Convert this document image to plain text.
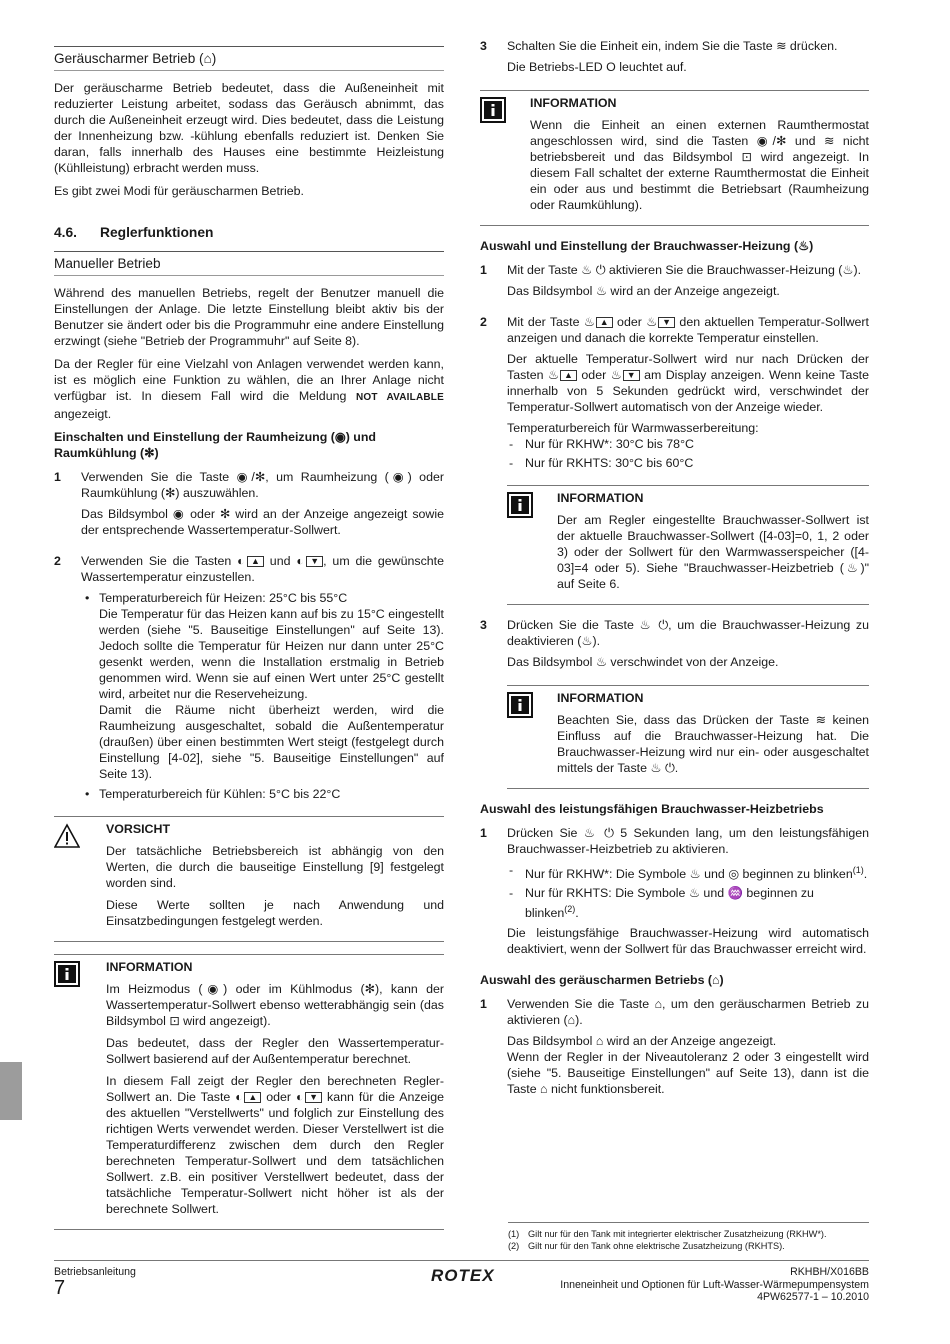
Geräuscharmer Betrieb (⌂)

Der geräuscharme Betrieb bedeutet, dass die Außeneinheit mit reduzierter Leistung arbeitet, sodass das Geräusch abnimmt, das durch die Außeneinheit erzeugt wird. Dies bedeutet, dass die Leistung der Innenheizung bzw. -kühlung ebenfalls reduziert ist. Denken Sie daran, falls innerhalb des Hauses eine bestimmte Heizleistung (Kühlleistung) erbracht werden muss.

Es gibt zwei Modi für geräuscharmen Betrieb.

4.6. Reglerfunktionen
Manueller Betrieb

Während des manuellen Betriebs, regelt der Benutzer manuell die Einstellungen der Anlage. Die letzte Einstellung bleibt aktiv bis der Benutzer sie ändert oder bis die Programmuhr eine andere Einstellung erzwingt (siehe "Betrieb der Programmuhr" auf Seite 8).

Da der Regler für eine Vielzahl von Anlagen verwendet werden kann, ist es möglich eine Funktion zu wählen, die an Ihrer Anlage nicht verfügbar ist. In diesem Fall wird die Meldung NOT AVAILABLE angezeigt.

Einschalten und Einstellung der Raumheizung (◉) und Raumkühlung (✻)
1	Verwenden Sie die Taste ◉/✻, um Raumheizung (◉) oder Raumkühlung (✻) auszuwählen.

Das Bildsymbol ◉ oder ✻ wird an der Anzeige angezeigt sowie der entsprechende Wassertemperatur-Sollwert.

2	Verwenden Sie die Tasten ◐ ▲ und ◐ ▼ , um die gewünschte Wassertemperatur einzustellen.

• Temperaturbereich für Heizen: 25°C bis 55°C

Die Temperatur für das Heizen kann auf bis zu 15°C eingestellt werden (siehe "5. Bauseitige Einstellungen" auf Seite 13). Jedoch sollte die Temperatur für Heizen nur dann unter 25°C gesenkt werden, wenn die Installation erstmalig in Betrieb genommen wird. Wenn sie auf einen Wert unter 25°C gestellt wird, arbeitet nur die Reserveheizung.

Damit die Räume nicht überheizt werden, wird die Raumheizung ausgeschaltet, sobald die Außentemperatur (draußen) über einen bestimmten Wert steigt (festgelegt durch Einstellung [4-02], siehe "5. Bauseitige Einstellungen" auf Seite 13).

• Temperaturbereich für Kühlen: 5°C bis 22°C
VORSICHT

Der tatsächliche Betriebsbereich ist abhängig von den Werten, die durch die bauseitige Einstellung [9] festgelegt worden sind.

Diese Werte sollten je nach Anwendung und Einsatzbedingungen festgelegt werden.

INFORMATION

Im Heizmodus (◉) oder im Kühlmodus (✻), kann der Wassertemperatur-Sollwert ebenso wetterabhängig sein (das Bildsymbol ⊡ wird angezeigt).

Das bedeutet, dass der Regler den Wassertemperatur-Sollwert basierend auf der Außentemperatur berechnet.

In diesem Fall zeigt der Regler den berechneten Regler-Sollwert an. Die Taste ◐ ▲ oder ◐ ▼ kann für die Anzeige des aktuellen "Verstellwerts" und folglich zur Einstellung des richtigen Werts verwendet werden. Dieser Verstellwert ist die Temperaturdifferenz zwischen dem durch den Regler berechneten Temperatur-Sollwert und dem tatsächlichen Sollwert. z.B. ein positiver Verstellwert bedeutet, dass der tatsächliche Temperatur-Sollwert nicht höher ist als der berechnete Sollwert.

3	Schalten Sie die Einheit ein, indem Sie die Taste ≋ drücken.

Die Betriebs-LED O leuchtet auf.

INFORMATION

Wenn die Einheit an einen externen Raumthermostat angeschlossen wird, sind die Tasten ◉/✻ und ≋ nicht betriebsbereit und das Bildsymbol ⊡ wird angezeigt. In diesem Fall schaltet der externe Raumthermostat die Einheit ein oder aus und bestimmt die Betriebsart (Raumheizung oder Raumkühlung).

Auswahl und Einstellung der Brauchwasser-Heizung (♨)
1	Mit der Taste ♨ ⏻ aktivieren Sie die Brauchwasser-Heizung (♨).

Das Bildsymbol ♨ wird an der Anzeige angezeigt.

2	Mit der Taste ♨ ▲ oder ♨ ▼ den aktuellen Temperatur-Sollwert anzeigen und danach die korrekte Temperatur einstellen.

Der aktuelle Temperatur-Sollwert wird nur nach Drücken der Tasten ♨ ▲ oder ♨ ▼ am Display anzeigen. Wenn keine Taste innerhalb von 5 Sekunden gedrückt wird, verschwindet der Temperatur-Sollwert automatisch von der Anzeige wieder.

Temperaturbereich für Warmwasserbereitung:
- Nur für RKHW*: 30°C bis 78°C
- Nur für RKHTS: 30°C bis 60°C
INFORMATION

Der am Regler eingestellte Brauchwasser-Sollwert ist der aktuelle Brauchwasser-Sollwert ([4-03]=0, 1, 2 oder 3) oder der Sollwert für den Warmwasserspeicher ([4-03]=4 oder 5). Siehe "Brauchwasser-Heizbetrieb (♨)" auf Seite 6.

3	Drücken Sie die Taste ♨ ⏻, um die Brauchwasser-Heizung zu deaktivieren (♨).

Das Bildsymbol ♨ verschwindet von der Anzeige.

INFORMATION

Beachten Sie, dass das Drücken der Taste ≋ keinen Einfluss auf die Brauchwasser-Heizung hat. Die Brauchwasser-Heizung wird nur ein- oder ausgeschaltet mittels der Taste ♨ ⏻.

Auswahl des leistungsfähigen Brauchwasser-Heizbetriebs
1	Drücken Sie ♨ ⏻ 5 Sekunden lang, um den leistungsfähigen Brauchwasser-Heizbetrieb zu aktivieren.

- Nur für RKHW*: Die Symbole ♨ und ◎ beginnen zu blinken$^{(1)}$.
- Nur für RKHTS: Die Symbole ♨ und ♒ beginnen zu blinken$^{(2)}$.

Die leistungsfähige Brauchwasser-Heizung wird automatisch deaktiviert, wenn der Sollwert für das Brauchwasser erreicht wird.

Auswahl des geräuscharmen Betriebs (⌂)
1	Verwenden Sie die Taste ⌂, um den geräuscharmen Betrieb zu aktivieren (⌂).

Das Bildsymbol ⌂ wird an der Anzeige angezeigt.

Wenn der Regler in der Niveautoleranz 2 oder 3 eingestellt wird (siehe "5. Bauseitige Einstellungen" auf Seite 13), dann ist die Taste ⌂ nicht funktionsbereit.

(1) Gilt nur für den Tank mit integrierter elektrischer Zusatzheizung (RKHW*).
(2) Gilt nur für den Tank ohne elektrische Zusatzheizung (RKHTS).
Betriebsanleitung
7
ROTEX	RKHBH/X016BB
Inneneinheit und Optionen für Luft-Wasser-Wärmepumpensystem
4PW62577-1 – 10.2010
